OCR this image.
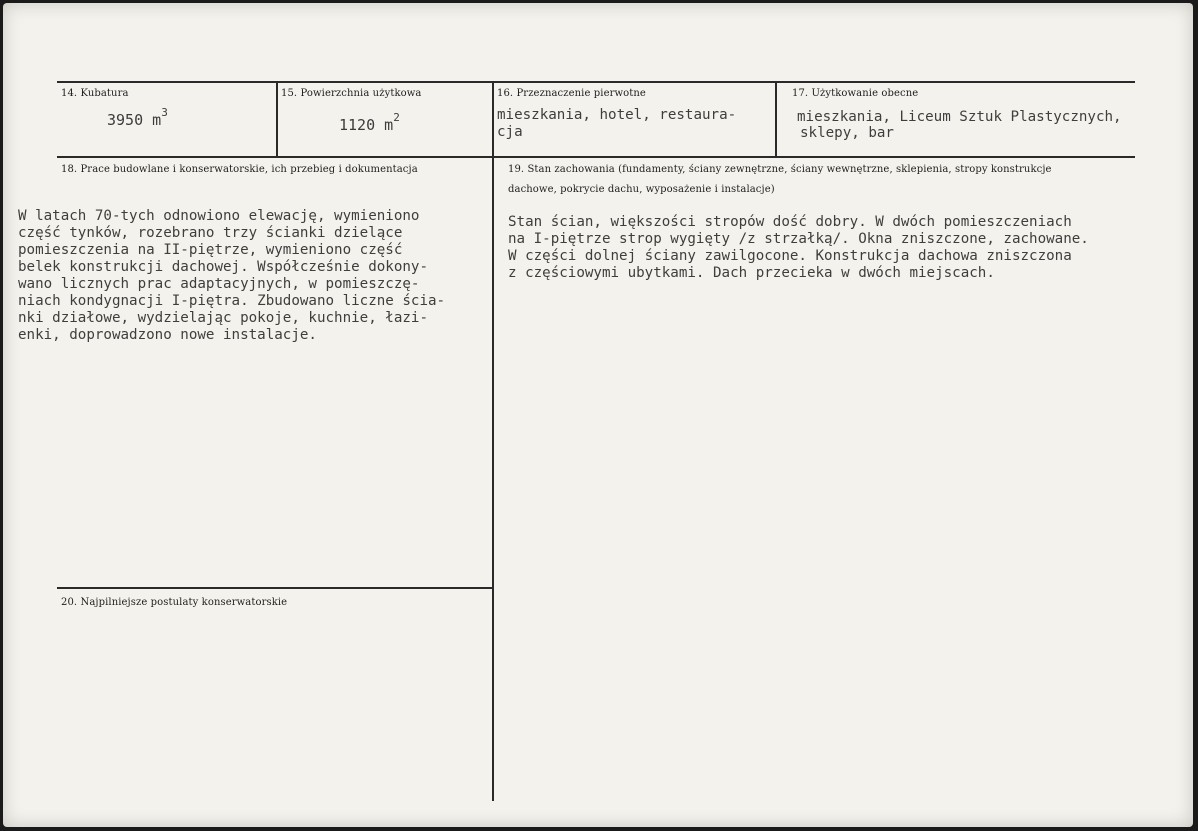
14. Kubatura
3950 $m^3$
15. Powierzchnia użytkowa
1120 $m^2$
16. Przeznaczenie pierwotne
mieszkania, hotel, restaura-
cja
17. Użytkowanie obecne
mieszkania, Liceum Sztuk Plastycznych,
sklepy, bar
18. Prace budowlane i konserwatorskie, ich przebieg i dokumentacja
W latach 70-tych odnowiono elewację, wymieniono
część tynków, rozebrano trzy ścianki dzielące
pomieszczenia na II-piętrze, wymieniono część
belek konstrukcji dachowej. Współcześnie dokony-
wano licznych prac adaptacyjnych, w pomieszczę-
niach kondygnacji I-piętra. Zbudowano liczne ścia-
nki działowe, wydzielając pokoje, kuchnie, łazi-
enki, doprowadzono nowe instalacje.
19. Stan zachowania (fundamenty, ściany zewnętrzne, ściany wewnętrzne, sklepienia, stropy konstrukcje dachowe, pokrycie dachu, wyposażenie i instalacje)
Stan ścian, większości stropów dość dobry. W dwóch pomieszczeniach
na I-piętrze strop wygięty /z strzałką/. Okna zniszczone, zachowane.
W części dolnej ściany zawilgocone. Konstrukcja dachowa zniszczona
z częściowymi ubytkami. Dach przecieka w dwóch miejscach.
20. Najpilniejsze postulaty konserwatorskie
